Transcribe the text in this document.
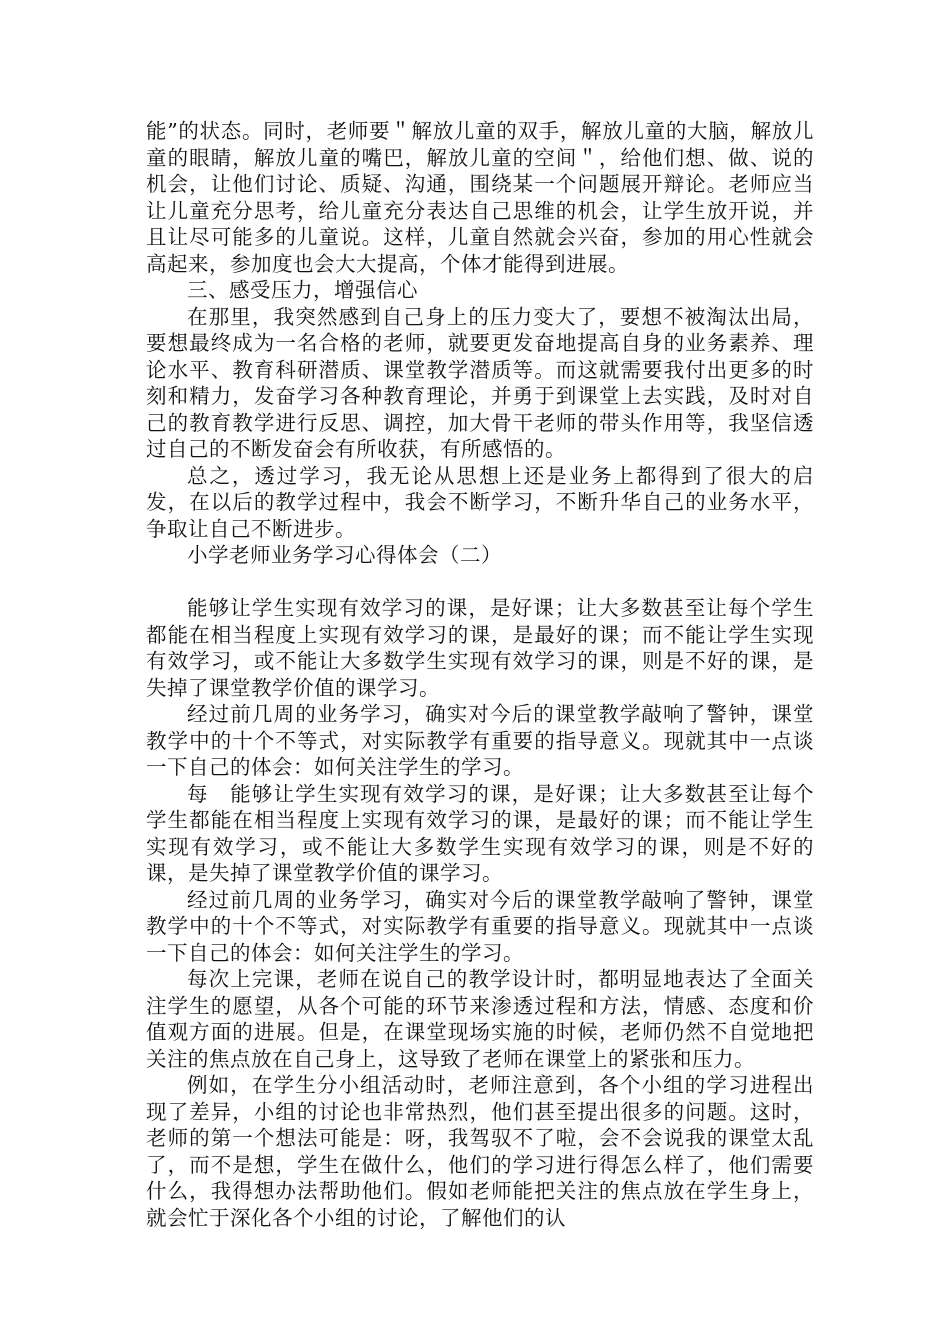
能”的状态。同时，老师要＂解放儿童的双手，解放儿童的大脑，解放儿童的眼睛，解放儿童的嘴巴，解放儿童的空间＂，给他们想、做、说的机会，让他们讨论、质疑、沟通，围绕某一个问题展开辩论。老师应当让儿童充分思考，给儿童充分表达自己思维的机会，让学生放开说，并且让尽可能多的儿童说。这样，儿童自然就会兴奋，参加的用心性就会高起来，参加度也会大大提高，个体才能得到进展。

三、感受压力，增强信心

在那里，我突然感到自己身上的压力变大了，要想不被淘汰出局，要想最终成为一名合格的老师，就要更发奋地提高自身的业务素养、理论水平、教育科研潜质、课堂教学潜质等。而这就需要我付出更多的时刻和精力，发奋学习各种教育理论，并勇于到课堂上去实践，及时对自己的教育教学进行反思、调控，加大骨干老师的带头作用等，我坚信透过自己的不断发奋会有所收获，有所感悟的。

总之，透过学习，我无论从思想上还是业务上都得到了很大的启发，在以后的教学过程中，我会不断学习，不断升华自己的业务水平，争取让自己不断进步。

小学老师业务学习心得体会（二）

能够让学生实现有效学习的课，是好课；让大多数甚至让每个学生都能在相当程度上实现有效学习的课，是最好的课；而不能让学生实现有效学习，或不能让大多数学生实现有效学习的课，则是不好的课，是失掉了课堂教学价值的课学习。

经过前几周的业务学习，确实对今后的课堂教学敲响了警钟，课堂教学中的十个不等式，对实际教学有重要的指导意义。现就其中一点谈一下自己的体会：如何关注学生的学习。

每　能够让学生实现有效学习的课，是好课；让大多数甚至让每个学生都能在相当程度上实现有效学习的课，是最好的课；而不能让学生实现有效学习，或不能让大多数学生实现有效学习的课，则是不好的课，是失掉了课堂教学价值的课学习。

经过前几周的业务学习，确实对今后的课堂教学敲响了警钟，课堂教学中的十个不等式，对实际教学有重要的指导意义。现就其中一点谈一下自己的体会：如何关注学生的学习。

每次上完课，老师在说自己的教学设计时，都明显地表达了全面关注学生的愿望，从各个可能的环节来渗透过程和方法，情感、态度和价值观方面的进展。但是，在课堂现场实施的时候，老师仍然不自觉地把关注的焦点放在自己身上，这导致了老师在课堂上的紧张和压力。

例如，在学生分小组活动时，老师注意到，各个小组的学习进程出现了差异，小组的讨论也非常热烈，他们甚至提出很多的问题。这时，老师的第一个想法可能是：呀，我驾驭不了啦，会不会说我的课堂太乱了，而不是想，学生在做什么，他们的学习进行得怎么样了，他们需要什么，我得想办法帮助他们。假如老师能把关注的焦点放在学生身上，就会忙于深化各个小组的讨论，了解他们的认
